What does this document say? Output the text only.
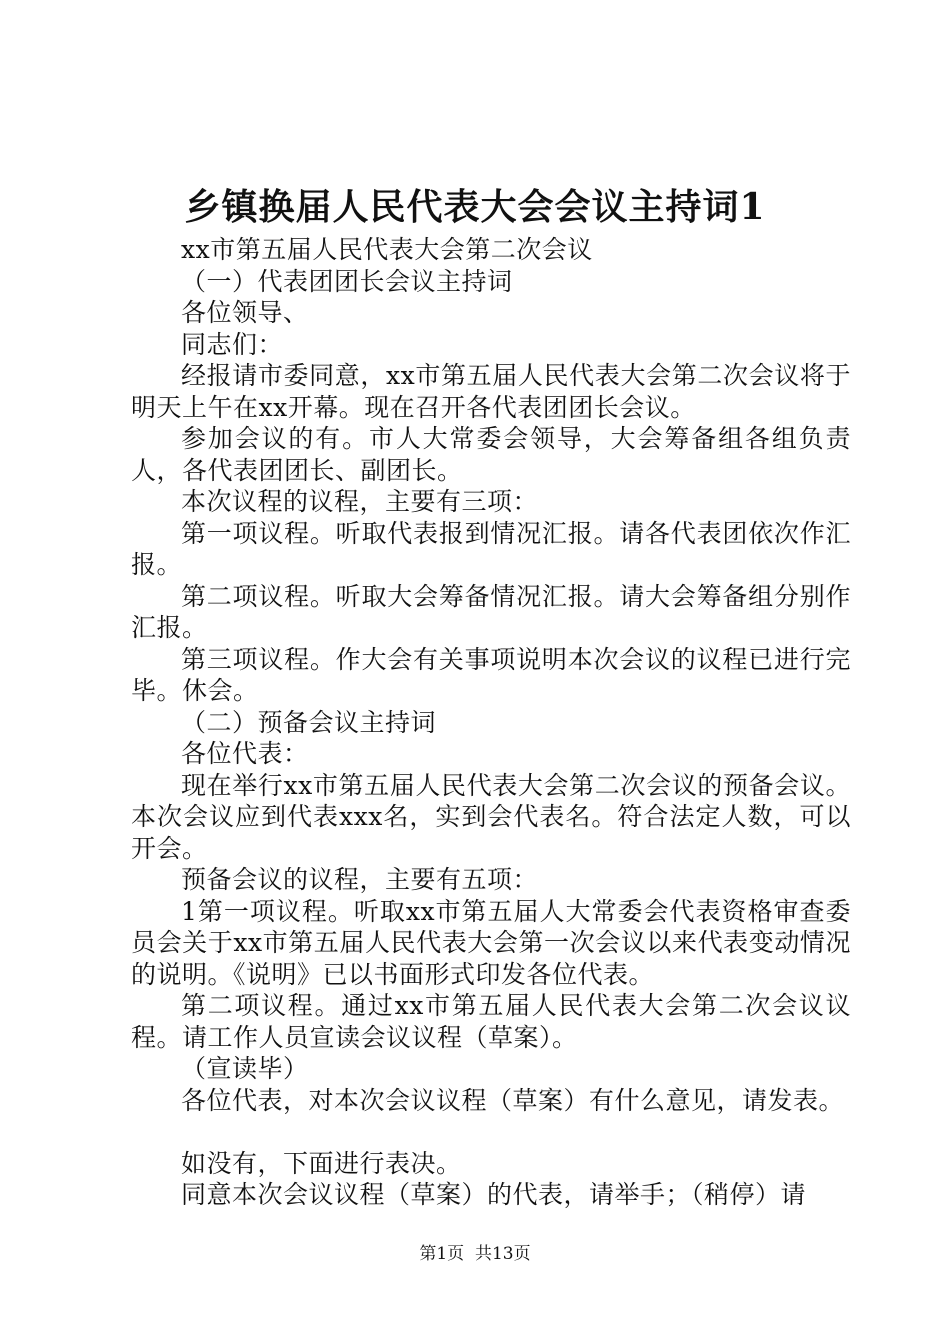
乡镇换届人民代表大会会议主持词1

xx市第五届人民代表大会第二次会议

（一）代表团团长会议主持词

各位领导、

同志们：

经报请市委同意，xx市第五届人民代表大会第二次会议将于明天上午在xx开幕。现在召开各代表团团长会议。

参加会议的有。市人大常委会领导，大会筹备组各组负责人，各代表团团长、副团长。

本次议程的议程，主要有三项：

第一项议程。听取代表报到情况汇报。请各代表团依次作汇报。

第二项议程。听取大会筹备情况汇报。请大会筹备组分别作汇报。

第三项议程。作大会有关事项说明本次会议的议程已进行完毕。休会。

（二）预备会议主持词

各位代表：

现在举行xx市第五届人民代表大会第二次会议的预备会议。本次会议应到代表xxx名，实到会代表名。符合法定人数，可以开会。

预备会议的议程，主要有五项：

1第一项议程。听取xx市第五届人大常委会代表资格审查委员会关于xx市第五届人民代表大会第一次会议以来代表变动情况的说明。《说明》已以书面形式印发各位代表。

第二项议程。通过xx市第五届人民代表大会第二次会议议程。请工作人员宣读会议议程（草案）。

（宣读毕）

各位代表，对本次会议议程（草案）有什么意见，请发表。

如没有，下面进行表决。

同意本次会议议程（草案）的代表，请举手；（稍停）请

第1页  共13页
